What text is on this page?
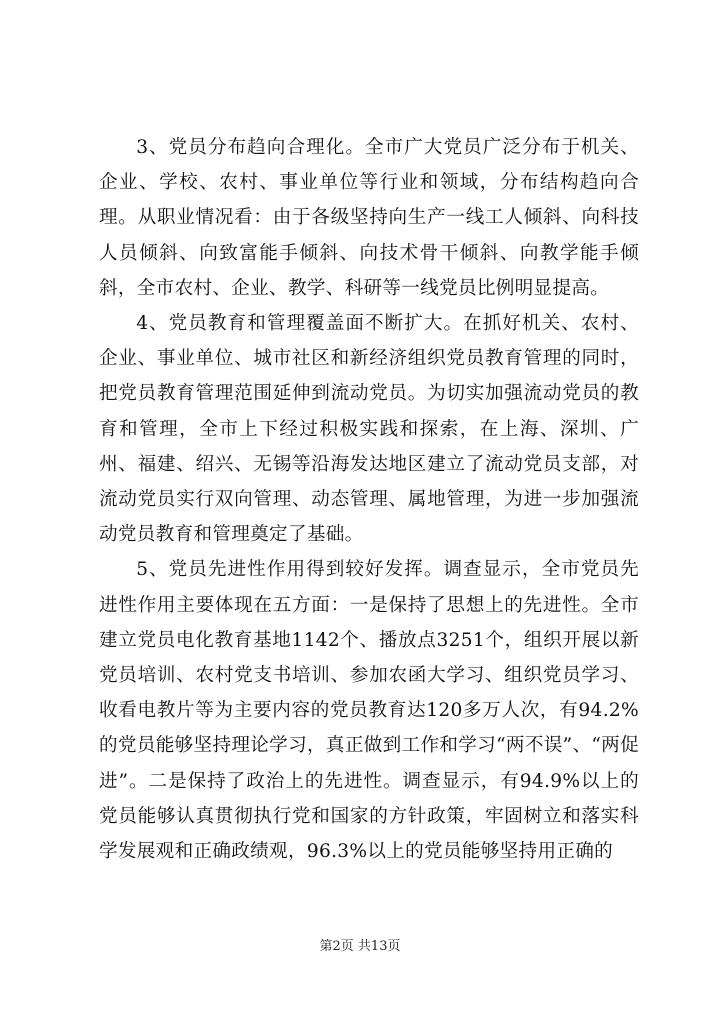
3、党员分布趋向合理化。全市广大党员广泛分布于机关、企业、学校、农村、事业单位等行业和领域，分布结构趋向合理。从职业情况看：由于各级坚持向生产一线工人倾斜、向科技人员倾斜、向致富能手倾斜、向技术骨干倾斜、向教学能手倾斜，全市农村、企业、教学、科研等一线党员比例明显提高。

4、党员教育和管理覆盖面不断扩大。在抓好机关、农村、企业、事业单位、城市社区和新经济组织党员教育管理的同时，把党员教育管理范围延伸到流动党员。为切实加强流动党员的教育和管理，全市上下经过积极实践和探索，在上海、深圳、广州、福建、绍兴、无锡等沿海发达地区建立了流动党员支部，对流动党员实行双向管理、动态管理、属地管理，为进一步加强流动党员教育和管理奠定了基础。

5、党员先进性作用得到较好发挥。调查显示，全市党员先进性作用主要体现在五方面：一是保持了思想上的先进性。全市建立党员电化教育基地1142个、播放点3251个，组织开展以新党员培训、农村党支书培训、参加农函大学习、组织党员学习、收看电教片等为主要内容的党员教育达120多万人次，有94.2%的党员能够坚持理论学习，真正做到工作和学习“两不误”、“两促进”。二是保持了政治上的先进性。调查显示，有94.9%以上的党员能够认真贯彻执行党和国家的方针政策，牢固树立和落实科学发展观和正确政绩观，96.3%以上的党员能够坚持用正确的

第2页 共13页
